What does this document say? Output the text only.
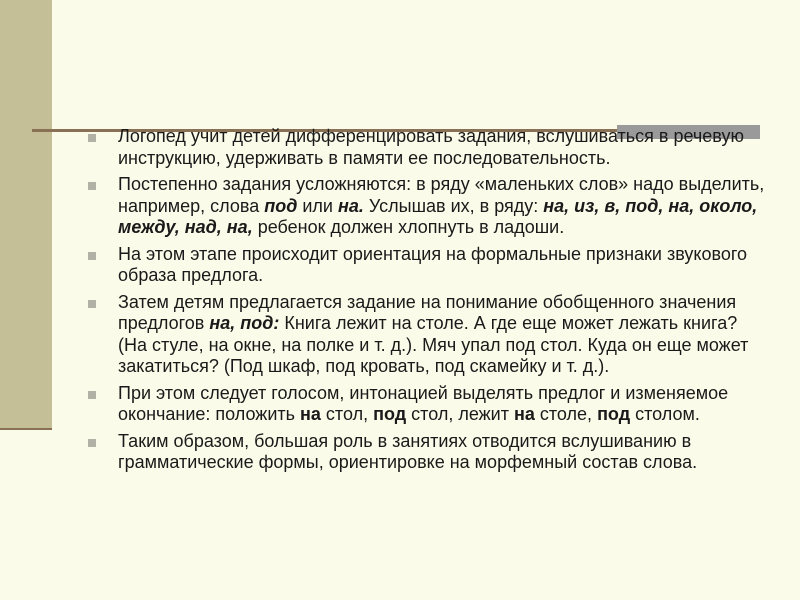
Логопед учит детей дифференцировать задания, вслушиваться в речевую инструкцию, удерживать в памяти ее последовательность.
Постепенно задания усложняются: в ряду «маленьких слов» надо выделить, например, слова под или на. Услышав их, в ряду: на, из, в, под, на, около, между, над, на, ребенок должен хлопнуть в ладоши.
На этом этапе происходит ориентация на формальные признаки звукового образа предлога.
Затем детям предлагается задание на понимание обобщенного значения предлогов на, под: Книга лежит на столе. А где еще может лежать книга? (На стуле, на окне, на полке и т. д.). Мяч упал под стол. Куда он еще может закатиться? (Под шкаф, под кровать, под скамейку и т. д.).
При этом следует голосом, интонацией выделять предлог и изменяемое окончание: положить на стол, под стол, лежит на столе, под столом.
Таким образом, большая роль в занятиях отводится вслушиванию в грамматические формы, ориентировке на морфемный состав слова.
